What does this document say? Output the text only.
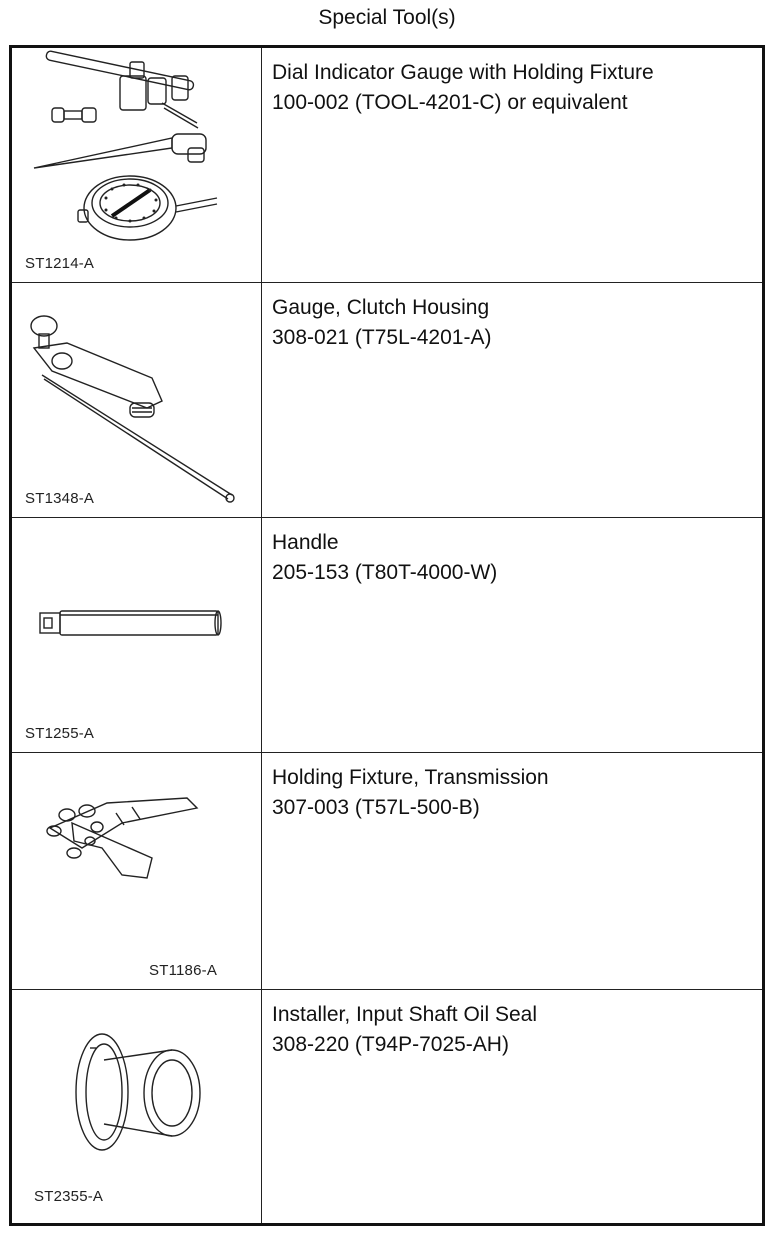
Special Tool(s)
ST1214-A
Dial Indicator Gauge with Holding Fixture
100-002 (TOOL-4201-C) or equivalent
ST1348-A
Gauge, Clutch Housing
308-021 (T75L-4201-A)
ST1255-A
Handle
205-153 (T80T-4000-W)
ST1186-A
Holding Fixture, Transmission
307-003 (T57L-500-B)
ST2355-A
Installer, Input Shaft Oil Seal
308-220 (T94P-7025-AH)
